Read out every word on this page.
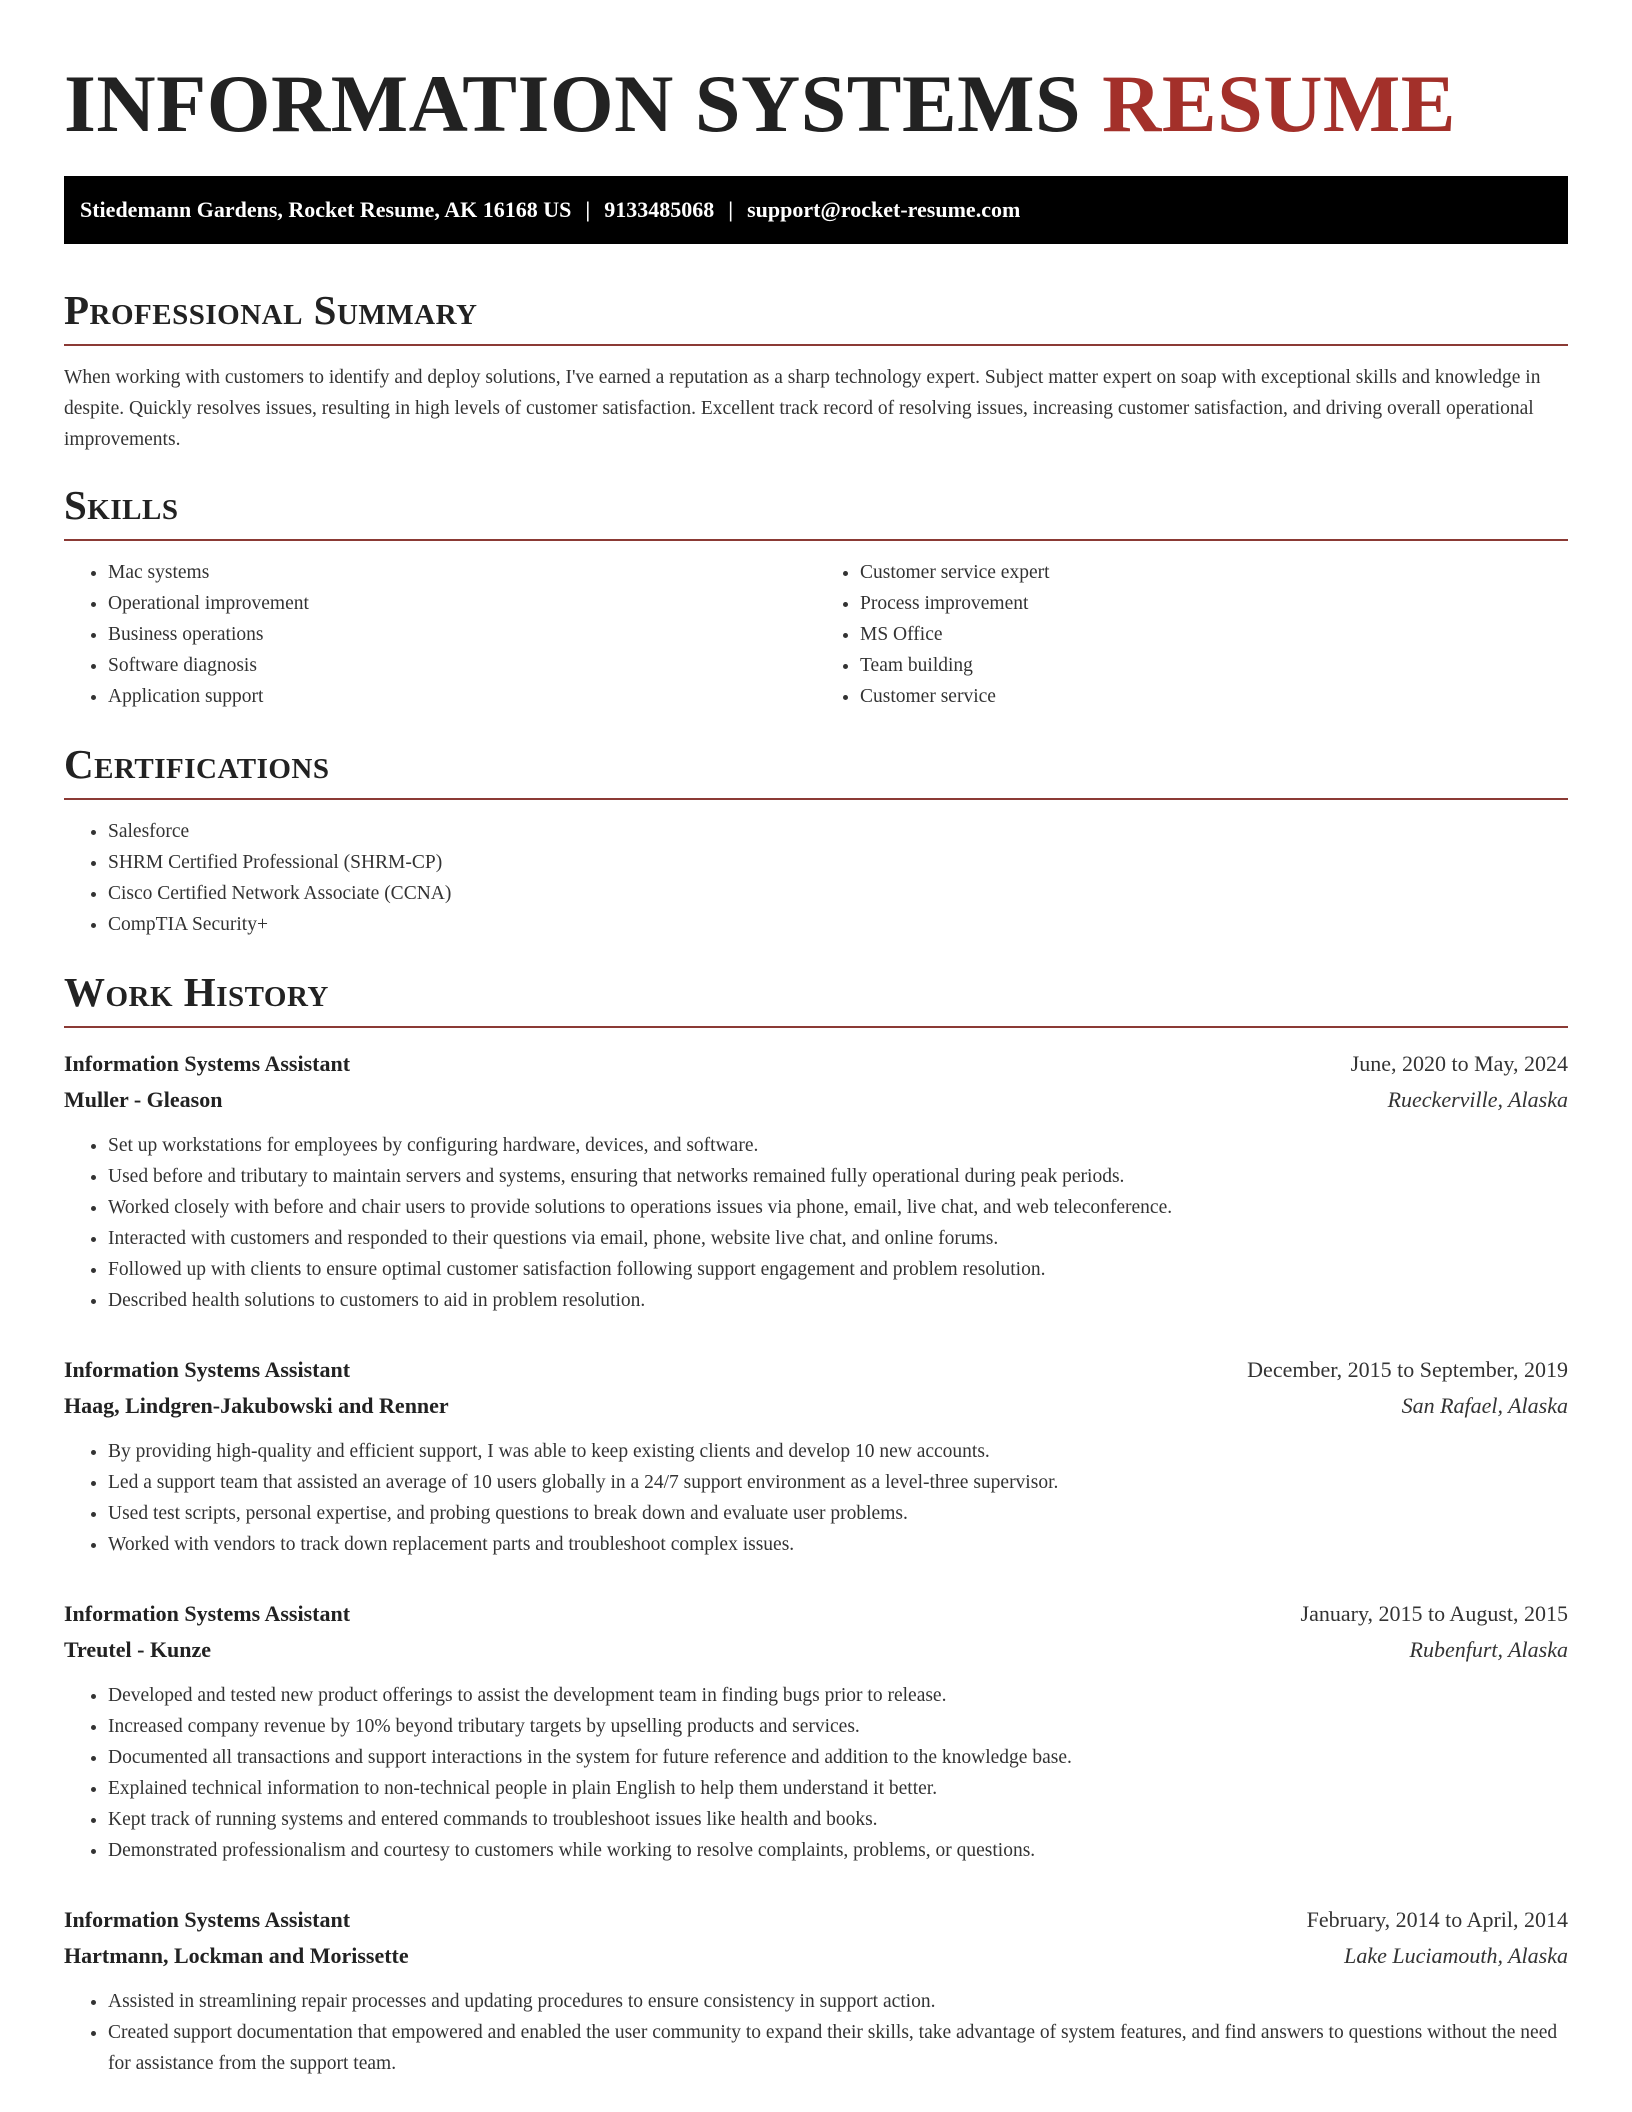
INFORMATION SYSTEMS RESUME
Stiedemann Gardens, Rocket Resume, AK 16168 US | 9133485068 | support@rocket-resume.com
Professional Summary

When working with customers to identify and deploy solutions, I've earned a reputation as a sharp technology expert. Subject matter expert on soap with exceptional skills and knowledge in despite. Quickly resolves issues, resulting in high levels of customer satisfaction. Excellent track record of resolving issues, increasing customer satisfaction, and driving overall operational improvements.

Skills
• Mac systems
• Operational improvement
• Business operations
• Software diagnosis
• Application support
• Customer service expert
• Process improvement
• MS Office
• Team building
• Customer service
Certifications
• Salesforce
• SHRM Certified Professional (SHRM-CP)
• Cisco Certified Network Associate (CCNA)
• CompTIA Security+
Work History
Information Systems Assistant	June, 2020 to May, 2024
Muller - Gleason	Rueckerville, Alaska
• Set up workstations for employees by configuring hardware, devices, and software.
• Used before and tributary to maintain servers and systems, ensuring that networks remained fully operational during peak periods.
• Worked closely with before and chair users to provide solutions to operations issues via phone, email, live chat, and web teleconference.
• Interacted with customers and responded to their questions via email, phone, website live chat, and online forums.
• Followed up with clients to ensure optimal customer satisfaction following support engagement and problem resolution.
• Described health solutions to customers to aid in problem resolution.
Information Systems Assistant	December, 2015 to September, 2019
Haag, Lindgren-Jakubowski and Renner	San Rafael, Alaska
• By providing high-quality and efficient support, I was able to keep existing clients and develop 10 new accounts.
• Led a support team that assisted an average of 10 users globally in a 24/7 support environment as a level-three supervisor.
• Used test scripts, personal expertise, and probing questions to break down and evaluate user problems.
• Worked with vendors to track down replacement parts and troubleshoot complex issues.
Information Systems Assistant	January, 2015 to August, 2015
Treutel - Kunze	Rubenfurt, Alaska
• Developed and tested new product offerings to assist the development team in finding bugs prior to release.
• Increased company revenue by 10% beyond tributary targets by upselling products and services.
• Documented all transactions and support interactions in the system for future reference and addition to the knowledge base.
• Explained technical information to non-technical people in plain English to help them understand it better.
• Kept track of running systems and entered commands to troubleshoot issues like health and books.
• Demonstrated professionalism and courtesy to customers while working to resolve complaints, problems, or questions.
Information Systems Assistant	February, 2014 to April, 2014
Hartmann, Lockman and Morissette	Lake Luciamouth, Alaska
• Assisted in streamlining repair processes and updating procedures to ensure consistency in support action.
• Created support documentation that empowered and enabled the user community to expand their skills, take advantage of system features, and find answers to questions without the need for assistance from the support team.
